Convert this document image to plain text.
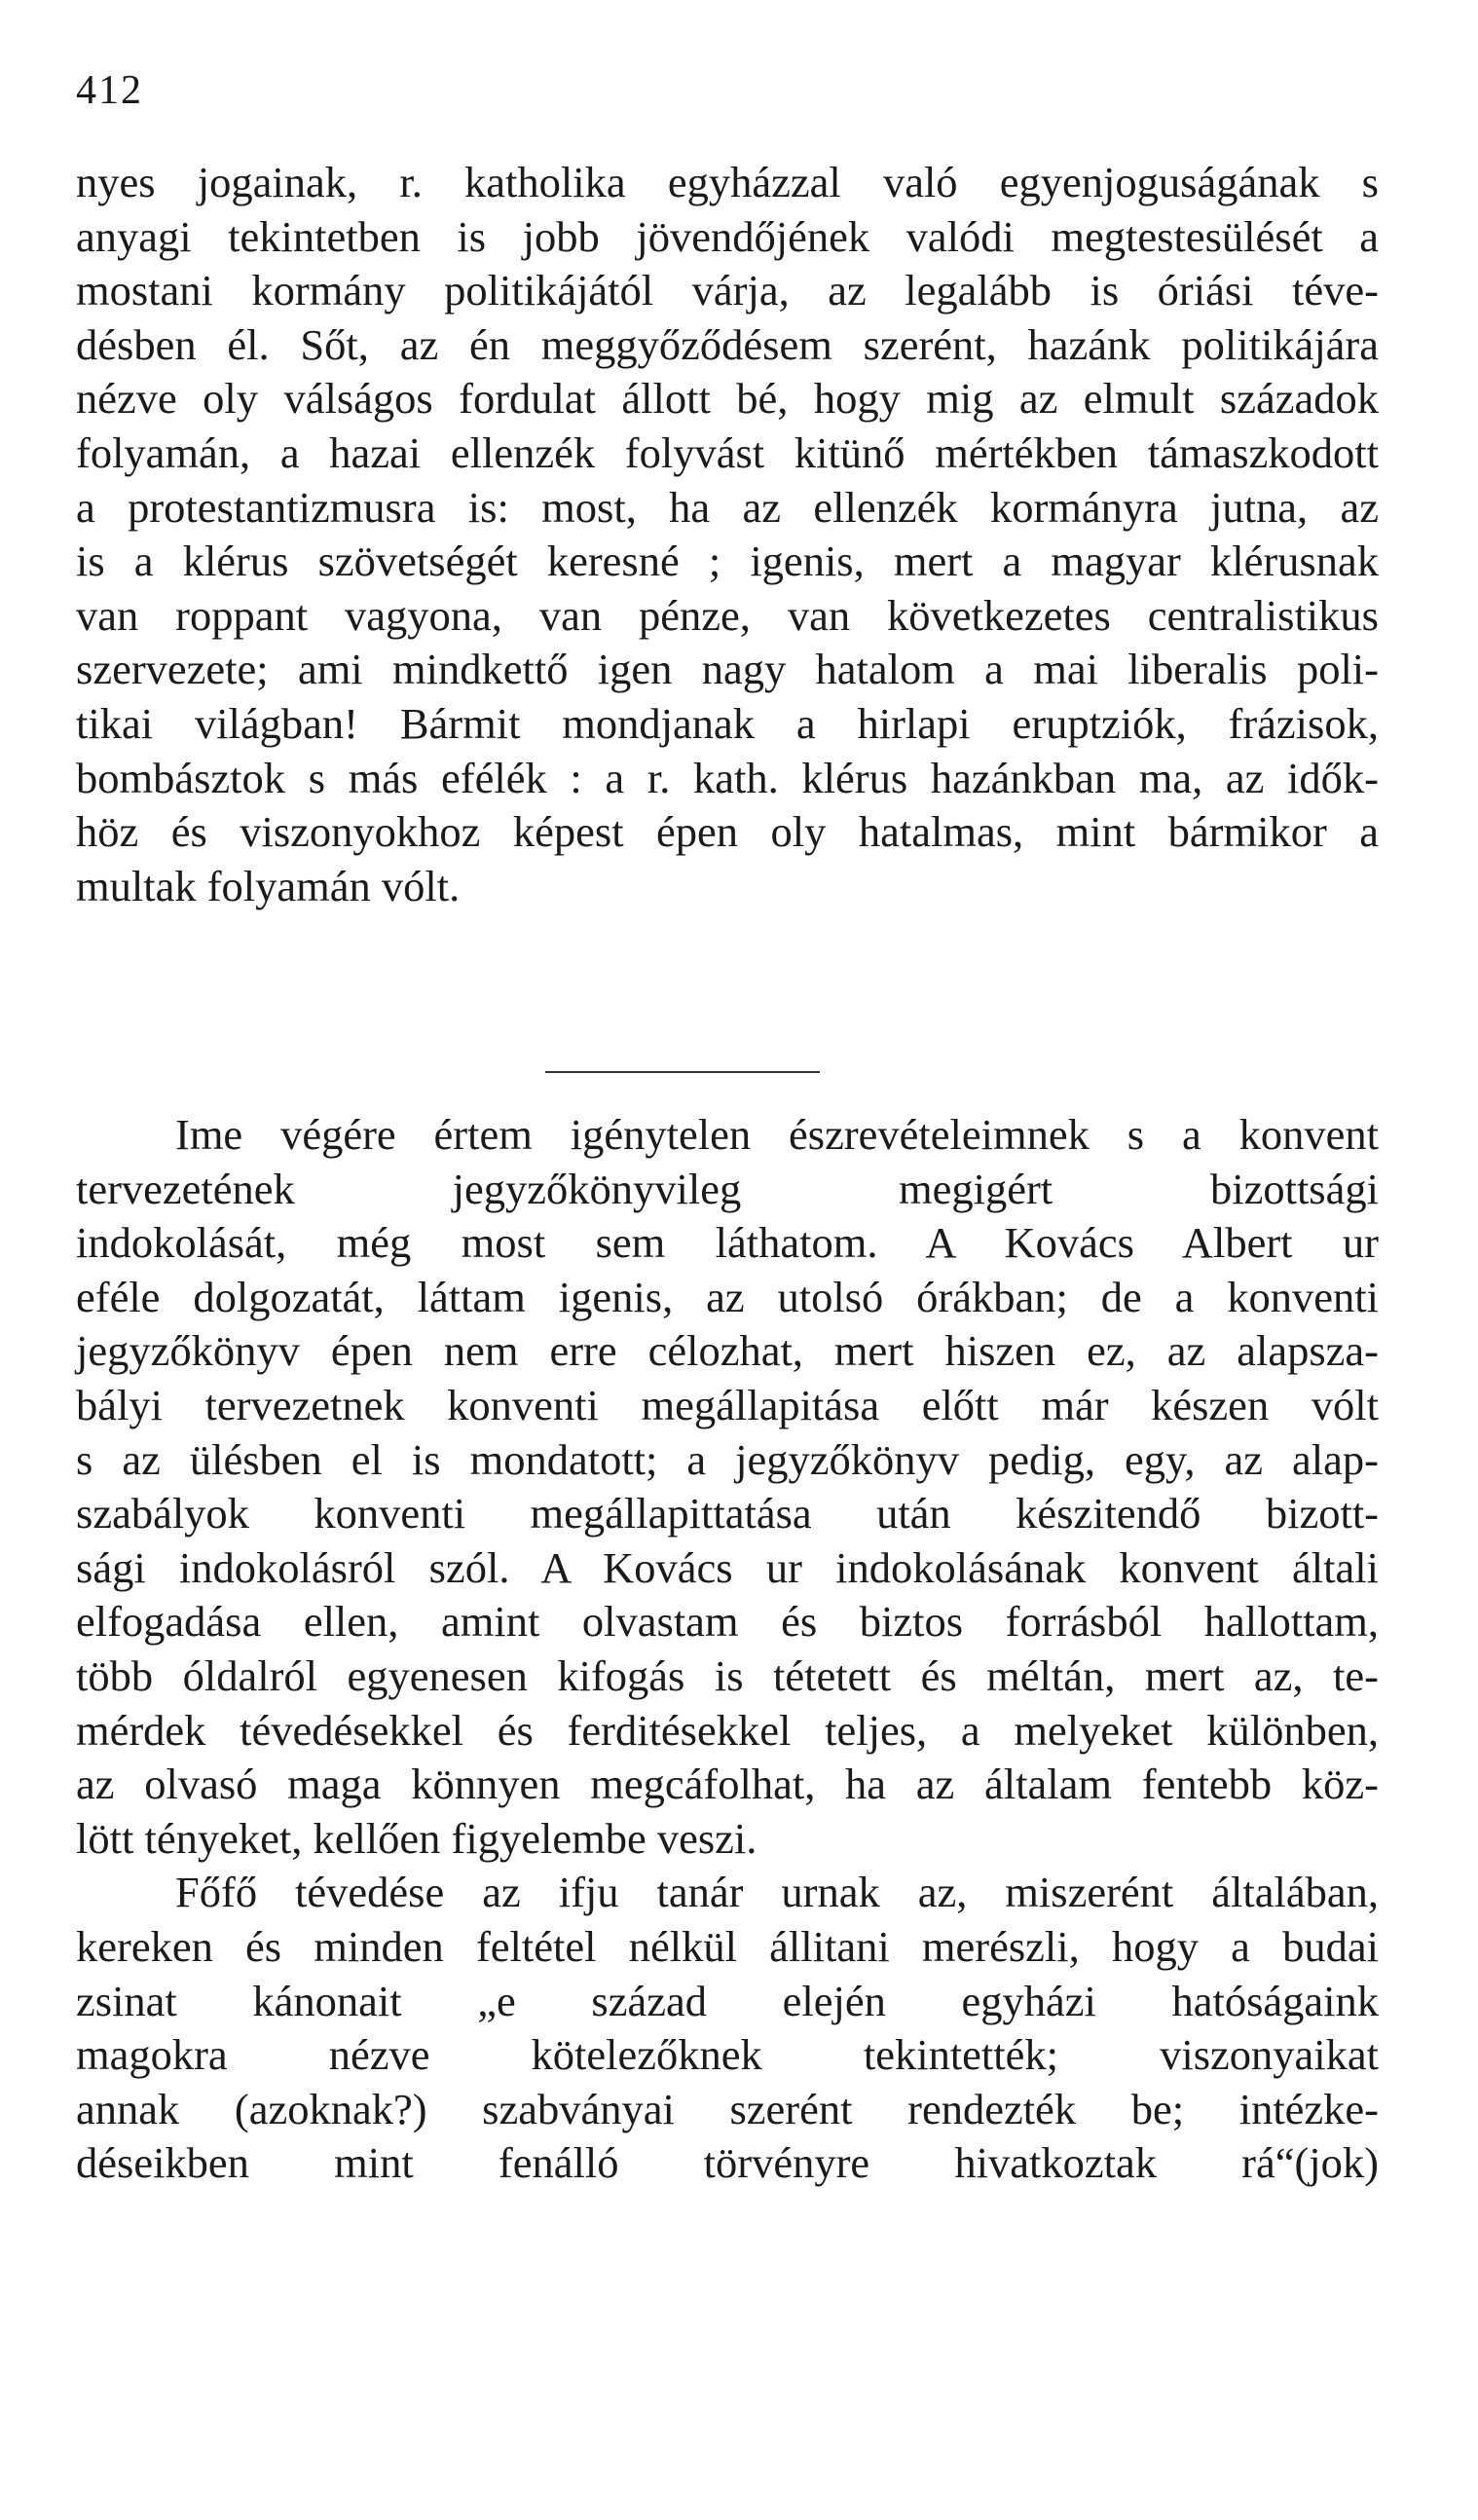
412
nyes jogainak, r. katholika egyházzal való egyenjoguságának s
anyagi tekintetben is jobb jövendőjének valódi megtestesülését a
mostani kormány politikájától várja, az legalább is óriási téve-
désben él. Sőt, az én meggyőződésem szerént, hazánk politikájára
nézve oly válságos fordulat állott bé, hogy mig az elmult századok
folyamán, a hazai ellenzék folyvást kitünő mértékben támaszkodott
a protestantizmusra is: most, ha az ellenzék kormányra jutna, az
is a klérus szövetségét keresné ; igenis, mert a magyar klérusnak
van roppant vagyona, van pénze, van következetes centralistikus
szervezete; ami mindkettő igen nagy hatalom a mai liberalis poli-
tikai világban! Bármit mondjanak a hirlapi eruptziók, frázisok,
bombásztok s más efélék : a r. kath. klérus hazánkban ma, az idők-
höz és viszonyokhoz képest épen oly hatalmas, mint bármikor a
multak folyamán vólt.
Ime végére értem igénytelen észrevételeimnek s a konvent
tervezetének jegyzőkönyvileg megigért bizottsági
indokolását, még most sem láthatom. A Kovács Albert ur
eféle dolgozatát, láttam igenis, az utolsó órákban; de a konventi
jegyzőkönyv épen nem erre célozhat, mert hiszen ez, az alapsza-
bályi tervezetnek konventi megállapitása előtt már készen vólt
s az ülésben el is mondatott; a jegyzőkönyv pedig, egy, az alap-
szabályok konventi megállapittatása után készitendő bizott-
sági indokolásról szól. A Kovács ur indokolásának konvent általi
elfogadása ellen, amint olvastam és biztos forrásból hallottam,
több óldalról egyenesen kifogás is tétetett és méltán, mert az, te-
mérdek tévedésekkel és ferditésekkel teljes, a melyeket különben,
az olvasó maga könnyen megcáfolhat, ha az általam fentebb köz-
lött tényeket, kellően figyelembe veszi.
Főfő tévedése az ifju tanár urnak az, miszerént általában,
kereken és minden feltétel nélkül állitani merészli, hogy a budai
zsinat kánonait „e század elején egyházi hatóságaink
magokra nézve kötelezőknek tekintették; viszonyaikat
annak (azoknak?) szabványai szerént rendezték be; intézke-
déseikben mint fenálló törvényre hivatkoztak rá“(jok)
